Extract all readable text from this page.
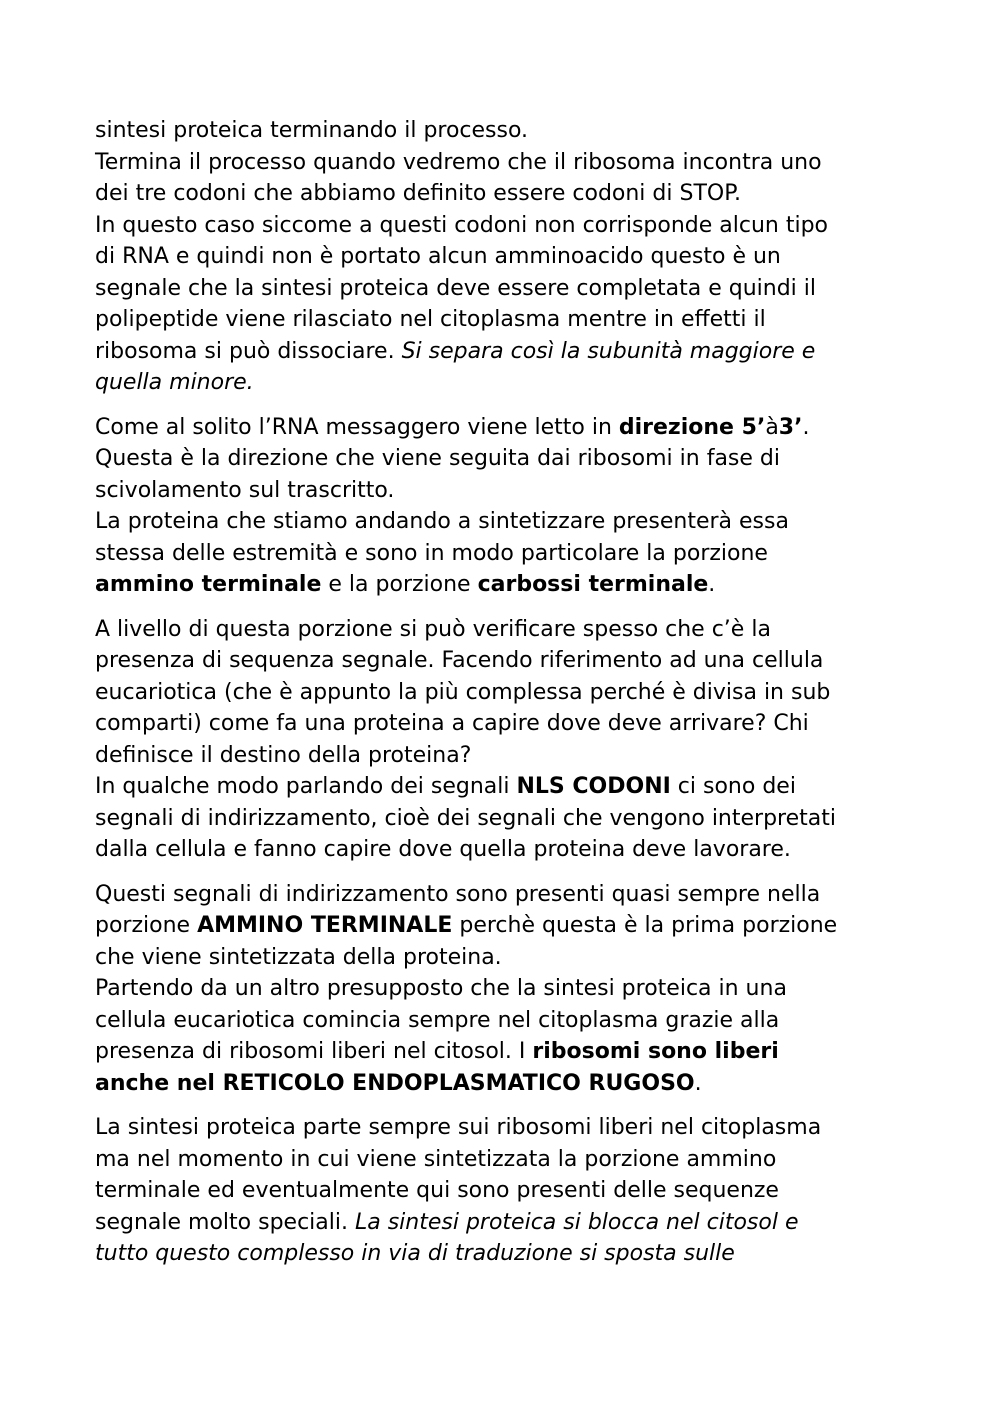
sintesi proteica terminando il processo.
Termina il processo quando vedremo che il ribosoma incontra uno
dei tre codoni che abbiamo definito essere codoni di STOP.
In questo caso siccome a questi codoni non corrisponde alcun tipo
di RNA e quindi non è portato alcun amminoacido questo è un
segnale che la sintesi proteica deve essere completata e quindi il
polipeptide viene rilasciato nel citoplasma mentre in effetti il
ribosoma si può dissociare. Si separa così la subunità maggiore e
quella minore.
Come al solito l’RNA messaggero viene letto in direzione 5’à3’.
Questa è la direzione che viene seguita dai ribosomi in fase di
scivolamento sul trascritto.
La proteina che stiamo andando a sintetizzare presenterà essa
stessa delle estremità e sono in modo particolare la porzione
ammino terminale e la porzione carbossi terminale.
A livello di questa porzione si può verificare spesso che c’è la
presenza di sequenza segnale. Facendo riferimento ad una cellula
eucariotica (che è appunto la più complessa perché è divisa in sub
comparti) come fa una proteina a capire dove deve arrivare? Chi
definisce il destino della proteina?
In qualche modo parlando dei segnali NLS CODONI ci sono dei
segnali di indirizzamento, cioè dei segnali che vengono interpretati
dalla cellula e fanno capire dove quella proteina deve lavorare.
Questi segnali di indirizzamento sono presenti quasi sempre nella
porzione AMMINO TERMINALE perchè questa è la prima porzione
che viene sintetizzata della proteina.
Partendo da un altro presupposto che la sintesi proteica in una
cellula eucariotica comincia sempre nel citoplasma grazie alla
presenza di ribosomi liberi nel citosol. I ribosomi sono liberi
anche nel RETICOLO ENDOPLASMATICO RUGOSO.
La sintesi proteica parte sempre sui ribosomi liberi nel citoplasma
ma nel momento in cui viene sintetizzata la porzione ammino
terminale ed eventualmente qui sono presenti delle sequenze
segnale molto speciali. La sintesi proteica si blocca nel citosol e
tutto questo complesso in via di traduzione si sposta sulle
